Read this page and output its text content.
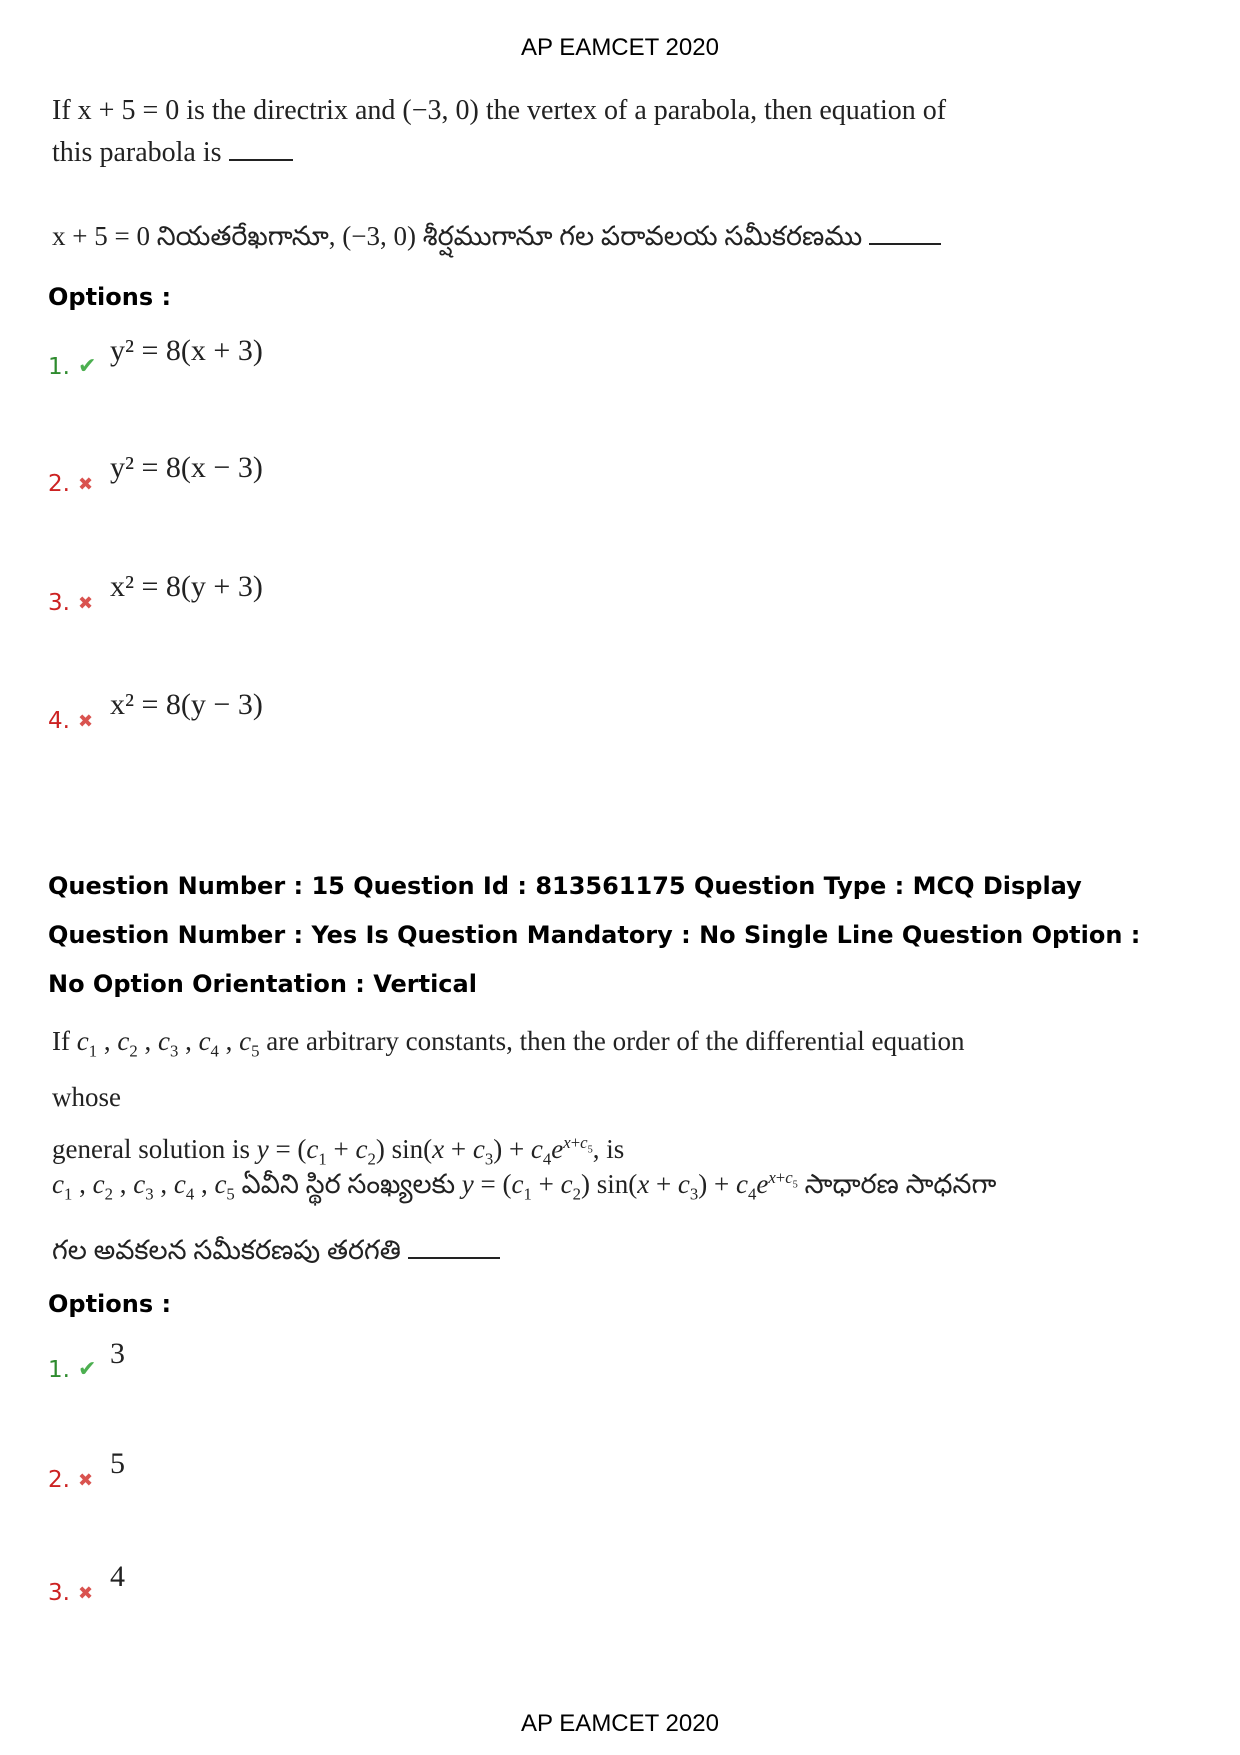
AP EAMCET 2020
If x + 5 = 0 is the directrix and (−3, 0) the vertex of a parabola, then equation of
this parabola is
x + 5 = 0 నియతరేఖగానూ, (−3, 0) శీర్షముగానూ గల పరావలయ సమీకరణము
Options :
1. ✔ y² = 8(x + 3)
2. ✖
y² = 8(x − 3)
3. ✖
x² = 8(y + 3)
4. ✖
x² = 8(y − 3)
Question Number : 15 Question Id : 813561175 Question Type : MCQ Display Question Number : Yes Is Question Mandatory : No Single Line Question Option : No Option Orientation : Vertical
If $c_1$ , $c_2$ , $c_3$ , $c_4$ , $c_5$ are arbitrary constants, then the order of the differential equation whose
general solution is $y = (c_1 + c_2) \sin(x + c_3) + c_4e^{x+c_5}$, is
$c_1$ , $c_2$ , $c_3$ , $c_4$ , $c_5$ ఏవీని స్థిర సంఖ్యలకు $y = (c_1 + c_2) \sin(x + c_3) + c_4e^{x+c_5}$ సాధారణ సాధనగా
గల అవకలన సమీకరణపు తరగతి
Options :
1. ✔ 3
2. ✖
5
3. ✖
4
AP EAMCET 2020
